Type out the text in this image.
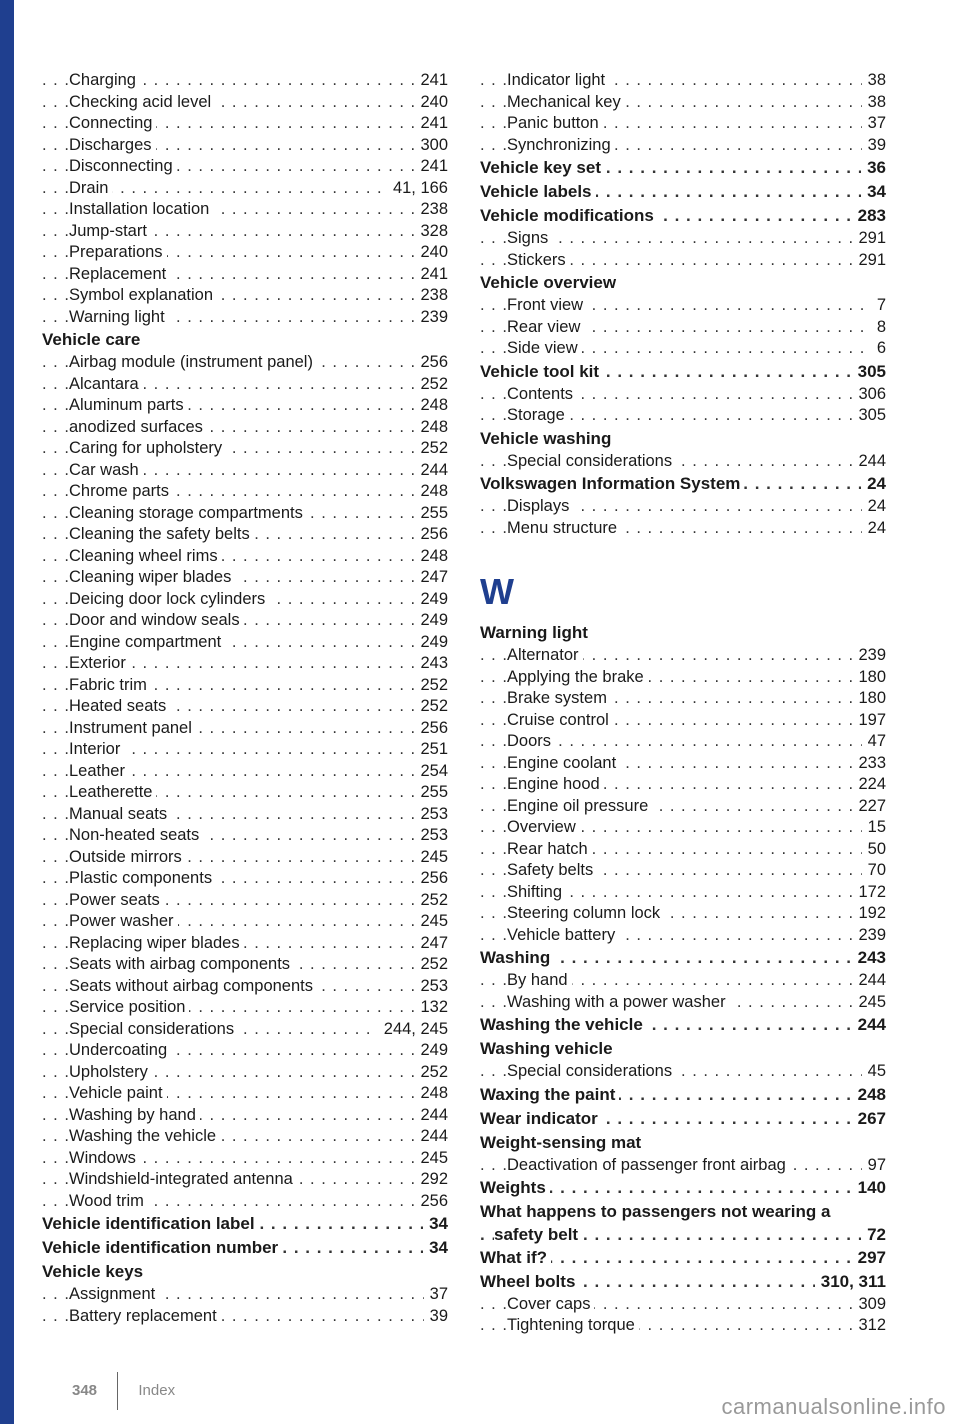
Charging	241
. . .
Checking acid level	240
. . .
Connecting	241
. . .
Discharges	300
. . .
Disconnecting	241
. . .
Drain	41, 166
. . .
Installation location	238
. . .
Jump-start	328
. . .
Preparations	240
. . .
Replacement	241
. . .
Symbol explanation	238
. . .
Warning light	239
. . .
Vehicle care
Airbag module (instrument panel)	256
. . .
Alcantara	252
. . .
Aluminum parts	248
. . .
anodized surfaces	248
. . .
Caring for upholstery	252
. . .
Car wash	244
. . .
Chrome parts	248
. . .
Cleaning storage compartments	255
. . .
Cleaning the safety belts	256
. . .
Cleaning wheel rims	248
. . .
Cleaning wiper blades	247
. . .
Deicing door lock cylinders	249
. . .
Door and window seals	249
. . .
Engine compartment	249
. . .
Exterior	243
. . .
Fabric trim	252
. . .
Heated seats	252
. . .
Instrument panel	256
. . .
Interior	251
. . .
Leather	254
. . .
Leatherette	255
. . .
Manual seats	253
. . .
Non-heated seats	253
. . .
Outside mirrors	245
. . .
Plastic components	256
. . .
Power seats	252
. . .
Power washer	245
. . .
Replacing wiper blades	247
. . .
Seats with airbag components	252
. . .
Seats without airbag components	253
. . .
Service position	132
. . .
Special considerations	244, 245
. . .
Undercoating	249
. . .
Upholstery	252
. . .
Vehicle paint	248
. . .
Washing by hand	244
. . .
Washing the vehicle	244
. . .
Windows	245
. . .
Windshield-integrated antenna	292
. . .
Wood trim	256
. . .
Vehicle identification label	34
. . .
Vehicle identification number	34
. . .
Vehicle keys
Assignment	37
. . .
Battery replacement	39
. . .
Indicator light	38
. . .
Mechanical key	38
. . .
Panic button	37
. . .
Synchronizing	39
. . .
Vehicle key set	36
. . .
Vehicle labels	34
. . .
Vehicle modifications	283
. . .
Signs	291
. . .
Stickers	291
. . .
Vehicle overview
Front view	7
. . .
Rear view	8
. . .
Side view	6
. . .
Vehicle tool kit	305
. . .
Contents	306
. . .
Storage	305
. . .
Vehicle washing
Special considerations	244
. . .
Volkswagen Information System	24
. . .
Displays	24
. . .
Menu structure	24
. . .
W
Warning light
Alternator	239
. . .
Applying the brake	180
. . .
Brake system	180
. . .
Cruise control	197
. . .
Doors	47
. . .
Engine coolant	233
. . .
Engine hood	224
. . .
Engine oil pressure	227
. . .
Overview	15
. . .
Rear hatch	50
. . .
Safety belts	70
. . .
Shifting	172
. . .
Steering column lock	192
. . .
Vehicle battery	239
. . .
Washing	243
. . .
By hand	244
. . .
Washing with a power washer	245
. . .
Washing the vehicle	244
. . .
Washing vehicle
Special considerations	45
. . .
Waxing the paint	248
. . .
Wear indicator	267
. . .
Weight-sensing mat
Deactivation of passenger front airbag	97
. . .
Weights	140
. . .
What happens to passengers not wearing a
safety belt	72
. . .
What if?	297
. . .
Wheel bolts	310, 311
. . .
Cover caps	309
. . .
Tightening torque	312
. . .
348	Index
carmanualsonline.info
